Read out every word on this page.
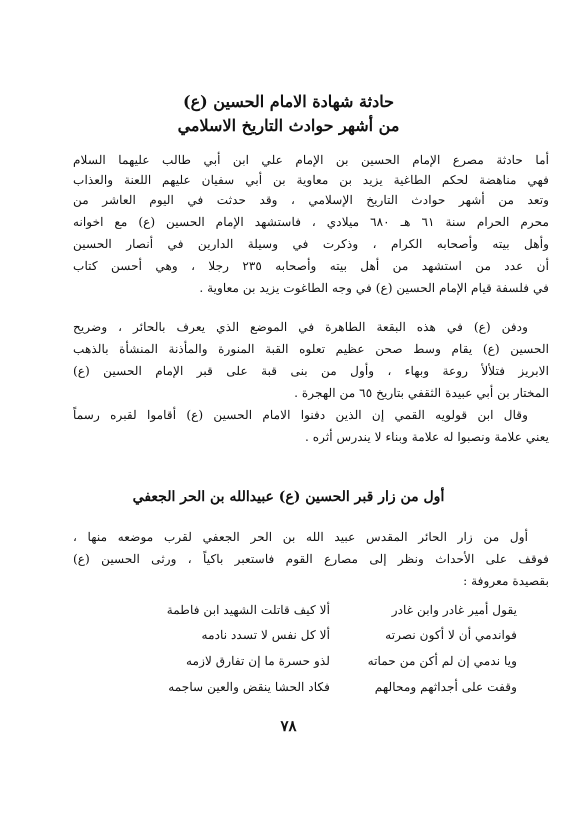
حادثة شهادة الامام الحسين (ع)
من أشهر حوادث التاريخ الاسلامي
أما حادثة مصرع الإمام الحسين بن الإمام علي ابن أبي طالب عليهما السلام
فهي مناهضة لحكم الطاغية يزيد بن معاوية بن أبي سفيان عليهم اللعنة والعذاب
وتعد من أشهر حوادث التاريخ الإسلامي ، وقد حدثت في اليوم العاشر من
محرم الحرام سنة ٦١ هـ ٦٨٠ ميلادي ، فاستشهد الإمام الحسين (ع) مع اخوانه
وأهل بيته وأصحابه الكرام ، وذكرت في وسيلة الدارين في أنصار الحسين
أن عدد من استشهد من أهل بيته وأصحابه ٢٣٥ رجلا ، وهي أحسن كتاب
في فلسفة قيام الإمام الحسين (ع) في وجه الطاغوت يزيد بن معاوية .
ودفن (ع) في هذه البقعة الطاهرة في الموضع الذي يعرف بالحائر ، وضريح
الحسين (ع) يقام وسط صحن عظيم تعلوه القبة المنورة والمأذنة المنشأة بالذهب
الابريز فتلألأ روعة وبهاء ، وأول من بنى قبة على قبر الإمام الحسين (ع)
المختار بن أبي عبيدة الثقفي بتاريخ ٦٥ من الهجرة .
وقال ابن قولويه القمي إن الذين دفنوا الامام الحسين (ع) أقاموا لقبره رسماً
يعني علامة ونصبوا له علامة وبناء لا يندرس أثره .
أول من زار قبر الحسين (ع) عبيدالله بن الحر الجعفي
أول من زار الحائر المقدس عبيد الله بن الحر الجعفي لقرب موضعه منها ،
فوقف على الأحداث ونظر إلى مصارع القوم فاستعبر باكياً ، ورثى الحسين (ع)
بقصيدة معروفة :
يقول أمير غادر وابن غادر
ألا كيف قاتلت الشهيد ابن فاطمة
فواندمي أن لا أكون نصرته
ألا كل نفس لا تسدد نادمه
ويا ندمي إن لم أكن من حماته
لذو حسرة ما إن تفارق لازمه
وقفت على أجداثهم ومحالهم
فكاد الحشا ينقض والعين ساجمه
٧٨
